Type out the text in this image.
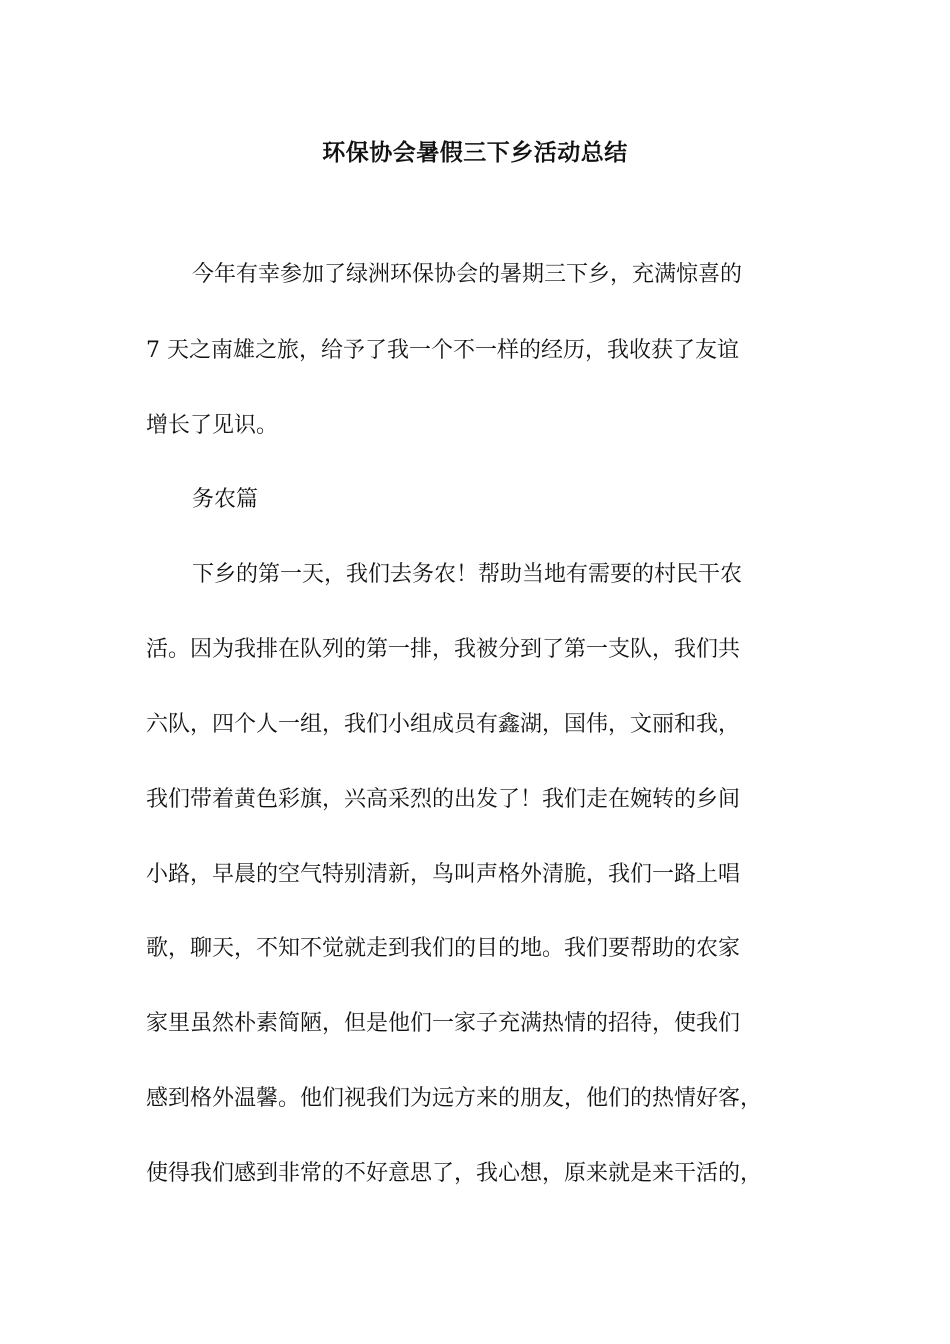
环保协会暑假三下乡活动总结
今年有幸参加了绿洲环保协会的暑期三下乡，充满惊喜的
7 天之南雄之旅，给予了我一个不一样的经历，我收获了友谊
增长了见识。
务农篇
下乡的第一天，我们去务农！帮助当地有需要的村民干农
活。因为我排在队列的第一排，我被分到了第一支队，我们共
六队，四个人一组，我们小组成员有鑫湖，国伟，文丽和我，
我们带着黄色彩旗，兴高采烈的出发了！我们走在婉转的乡间
小路，早晨的空气特别清新，鸟叫声格外清脆，我们一路上唱
歌，聊天，不知不觉就走到我们的目的地。我们要帮助的农家
家里虽然朴素简陋，但是他们一家子充满热情的招待，使我们
感到格外温馨。他们视我们为远方来的朋友，他们的热情好客，
使得我们感到非常的不好意思了，我心想，原来就是来干活的，
